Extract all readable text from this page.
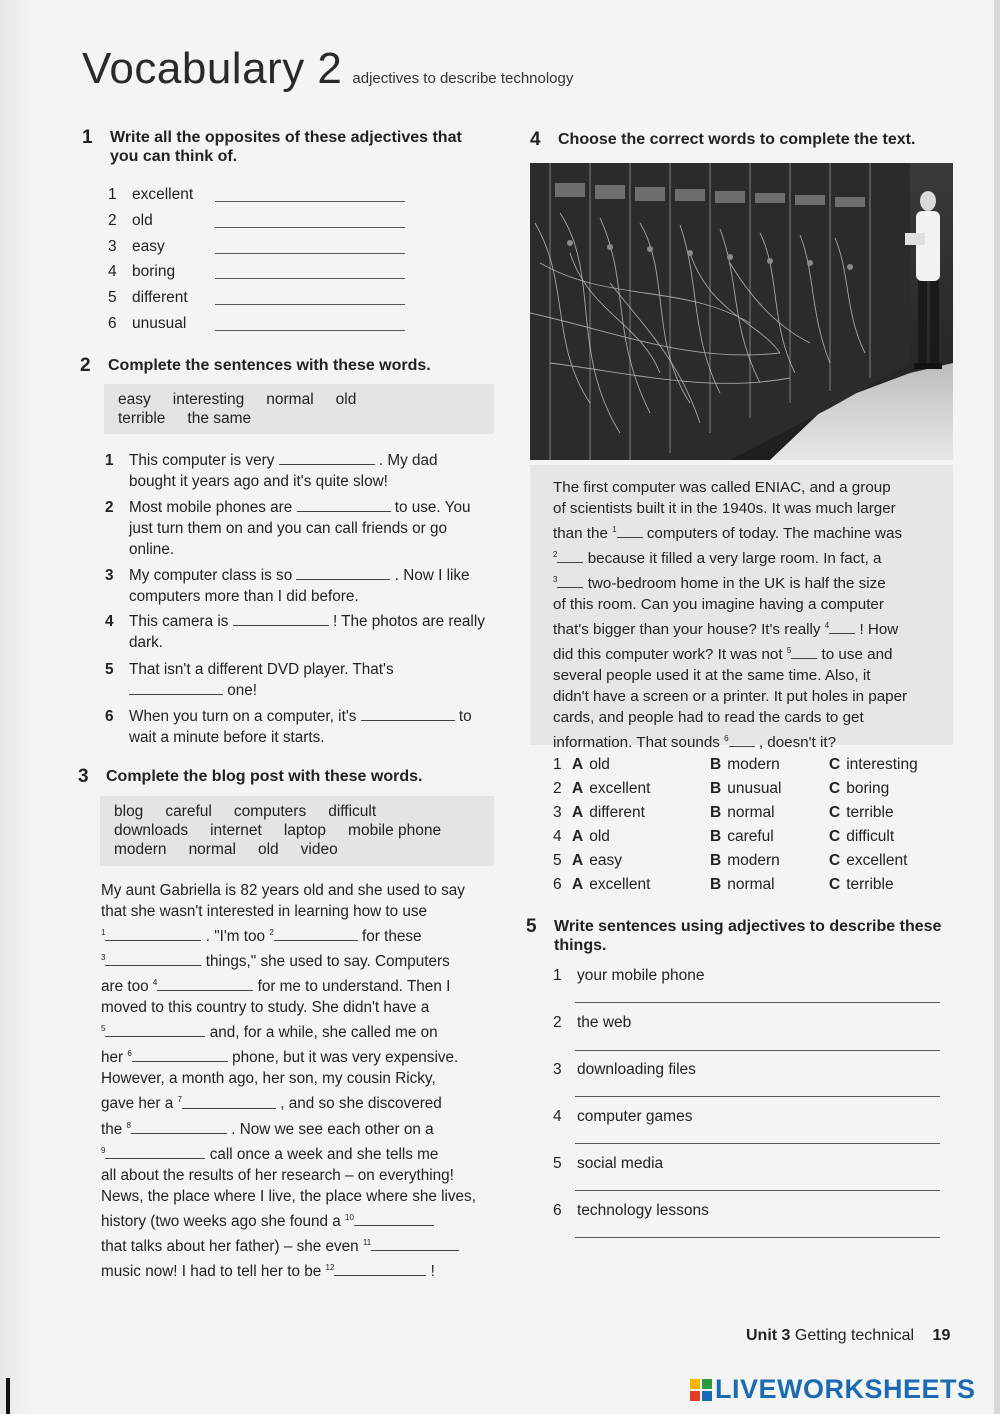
Vocabulary 2 adjectives to describe technology
1	Write all the opposites of these adjectives that you can think of.
1 excellent
2 old
3 easy
4 boring
5 different
6 unusual
2	Complete the sentences with these words.
easy interesting normal old
terrible the same
1	This computer is very	. My dad
bought it years ago and it's quite slow!
2	Most mobile phones are	to use. You
just turn them on and you can call friends or go
online.
3	My computer class is so	. Now I like
computers more than I did before.
4	This camera is	! The photos are really
dark.
5	That isn't a different DVD player. That's
one!
6	When you turn on a computer, it's	to
wait a minute before it starts.
3	Complete the blog post with these words.
blog careful computers difficult
downloads internet laptop mobile phone
modern normal old video
My aunt Gabriella is 82 years old and she used to say
that she wasn't interested in learning how to use
$^1$	. "I'm too $^2$	for these
$^3$	things," she used to say. Computers
are too $^4$	for me to understand. Then I
moved to this country to study. She didn't have a
$^5$	and, for a while, she called me on
her $^6$	phone, but it was very expensive.
However, a month ago, her son, my cousin Ricky,
gave her a $^7$	, and so she discovered
the $^8$	. Now we see each other on a
$^9$	call once a week and she tells me
all about the results of her research – on everything!
News, the place where I live, the place where she lives,
history (two weeks ago she found a $^{10}$
that talks about her father) – she even $^{11}$
music now! I had to tell her to be $^{12}$	!
4	Choose the correct words to complete the text.
The first computer was called ENIAC, and a group
of scientists built it in the 1940s. It was much larger
than the $^1$ computers of today. The machine was
$^2$ because it filled a very large room. In fact, a
$^3$ two-bedroom home in the UK is half the size
of this room. Can you imagine having a computer
that's bigger than your house? It's really $^4$ ! How
did this computer work? It was not $^5$ to use and
several people used it at the same time. Also, it
didn't have a screen or a printer. It put holes in paper
cards, and people had to read the cards to get
information. That sounds $^6$ , doesn't it?
1 A old	B modern	C interesting
2 A excellent	B unusual	C boring
3 A different	B normal	C terrible
4 A old	B careful	C difficult
5 A easy	B modern	C excellent
6 A excellent	B normal	C terrible
5	Write sentences using adjectives to describe these things.
1 your mobile phone
2 the web
3 downloading files
4 computer games
5 social media
6 technology lessons
Unit 3 Getting technical 19
LIVEWORKSHEETS
